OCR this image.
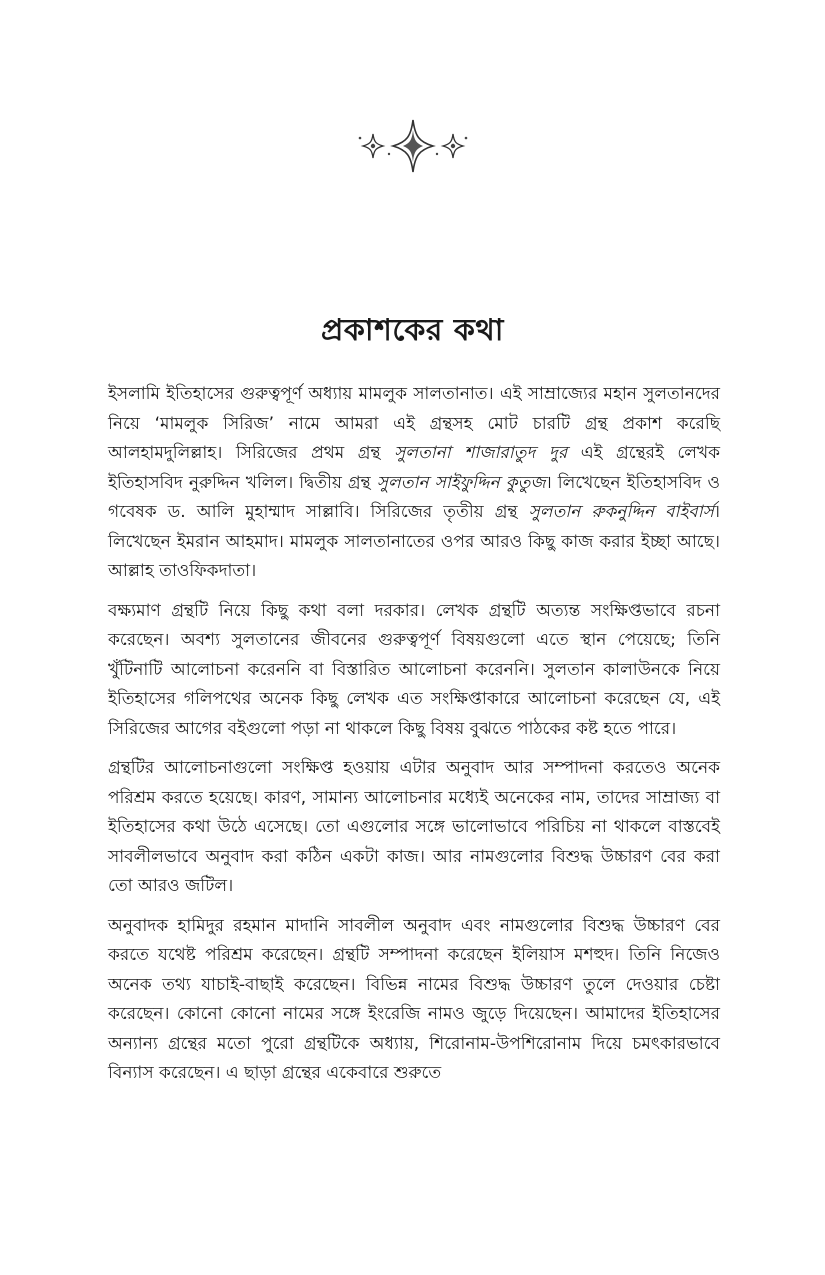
প্রকাশকের কথা

ইসলামি ইতিহাসের গুরুত্বপূর্ণ অধ্যায় মামলুক সালতানাত। এই সাম্রাজ্যের মহান সুলতানদের নিয়ে ‘মামলুক সিরিজ’ নামে আমরা এই গ্রন্থসহ মোট চারটি গ্রন্থ প্রকাশ করেছি আলহামদুলিল্লাহ। সিরিজের প্রথম গ্রন্থ সুলতানা শাজারাতুদ দুর এই গ্রন্থেরই লেখক ইতিহাসবিদ নুরুদ্দিন খলিল। দ্বিতীয় গ্রন্থ সুলতান সাইফুদ্দিন কুতুজ। লিখেছেন ইতিহাসবিদ ও গবেষক ড. আলি মুহাম্মাদ সাল্লাবি। সিরিজের তৃতীয় গ্রন্থ সুলতান রুকনুদ্দিন বাইবার্স। লিখেছেন ইমরান আহমাদ। মামলুক সালতানাতের ওপর আরও কিছু কাজ করার ইচ্ছা আছে। আল্লাহ তাওফিকদাতা।

বক্ষ্যমাণ গ্রন্থটি নিয়ে কিছু কথা বলা দরকার। লেখক গ্রন্থটি অত্যন্ত সংক্ষিপ্তভাবে রচনা করেছেন। অবশ্য সুলতানের জীবনের গুরুত্বপূর্ণ বিষয়গুলো এতে স্থান পেয়েছে; তিনি খুঁটিনাটি আলোচনা করেননি বা বিস্তারিত আলোচনা করেননি। সুলতান কালাউনকে নিয়ে ইতিহাসের গলিপথের অনেক কিছু লেখক এত সংক্ষিপ্তাকারে আলোচনা করেছেন যে, এই সিরিজের আগের বইগুলো পড়া না থাকলে কিছু বিষয় বুঝতে পাঠকের কষ্ট হতে পারে।

গ্রন্থটির আলোচনাগুলো সংক্ষিপ্ত হওয়ায় এটার অনুবাদ আর সম্পাদনা করতেও অনেক পরিশ্রম করতে হয়েছে। কারণ, সামান্য আলোচনার মধ্যেই অনেকের নাম, তাদের সাম্রাজ্য বা ইতিহাসের কথা উঠে এসেছে। তো এগুলোর সঙ্গে ভালোভাবে পরিচিয় না থাকলে বাস্তবেই সাবলীলভাবে অনুবাদ করা কঠিন একটা কাজ। আর নামগুলোর বিশুদ্ধ উচ্চারণ বের করা তো আরও জটিল।

অনুবাদক হামিদুর রহমান মাদানি সাবলীল অনুবাদ এবং নামগুলোর বিশুদ্ধ উচ্চারণ বের করতে যথেষ্ট পরিশ্রম করেছেন। গ্রন্থটি সম্পাদনা করেছেন ইলিয়াস মশহুদ। তিনি নিজেও অনেক তথ্য যাচাই-বাছাই করেছেন। বিভিন্ন নামের বিশুদ্ধ উচ্চারণ তুলে দেওয়ার চেষ্টা করেছেন। কোনো কোনো নামের সঙ্গে ইংরেজি নামও জুড়ে দিয়েছেন। আমাদের ইতিহাসের অন্যান্য গ্রন্থের মতো পুরো গ্রন্থটিকে অধ্যায়, শিরোনাম-উপশিরোনাম দিয়ে চমৎকারভাবে বিন্যাস করেছেন। এ ছাড়া গ্রন্থের একেবারে শুরুতে
